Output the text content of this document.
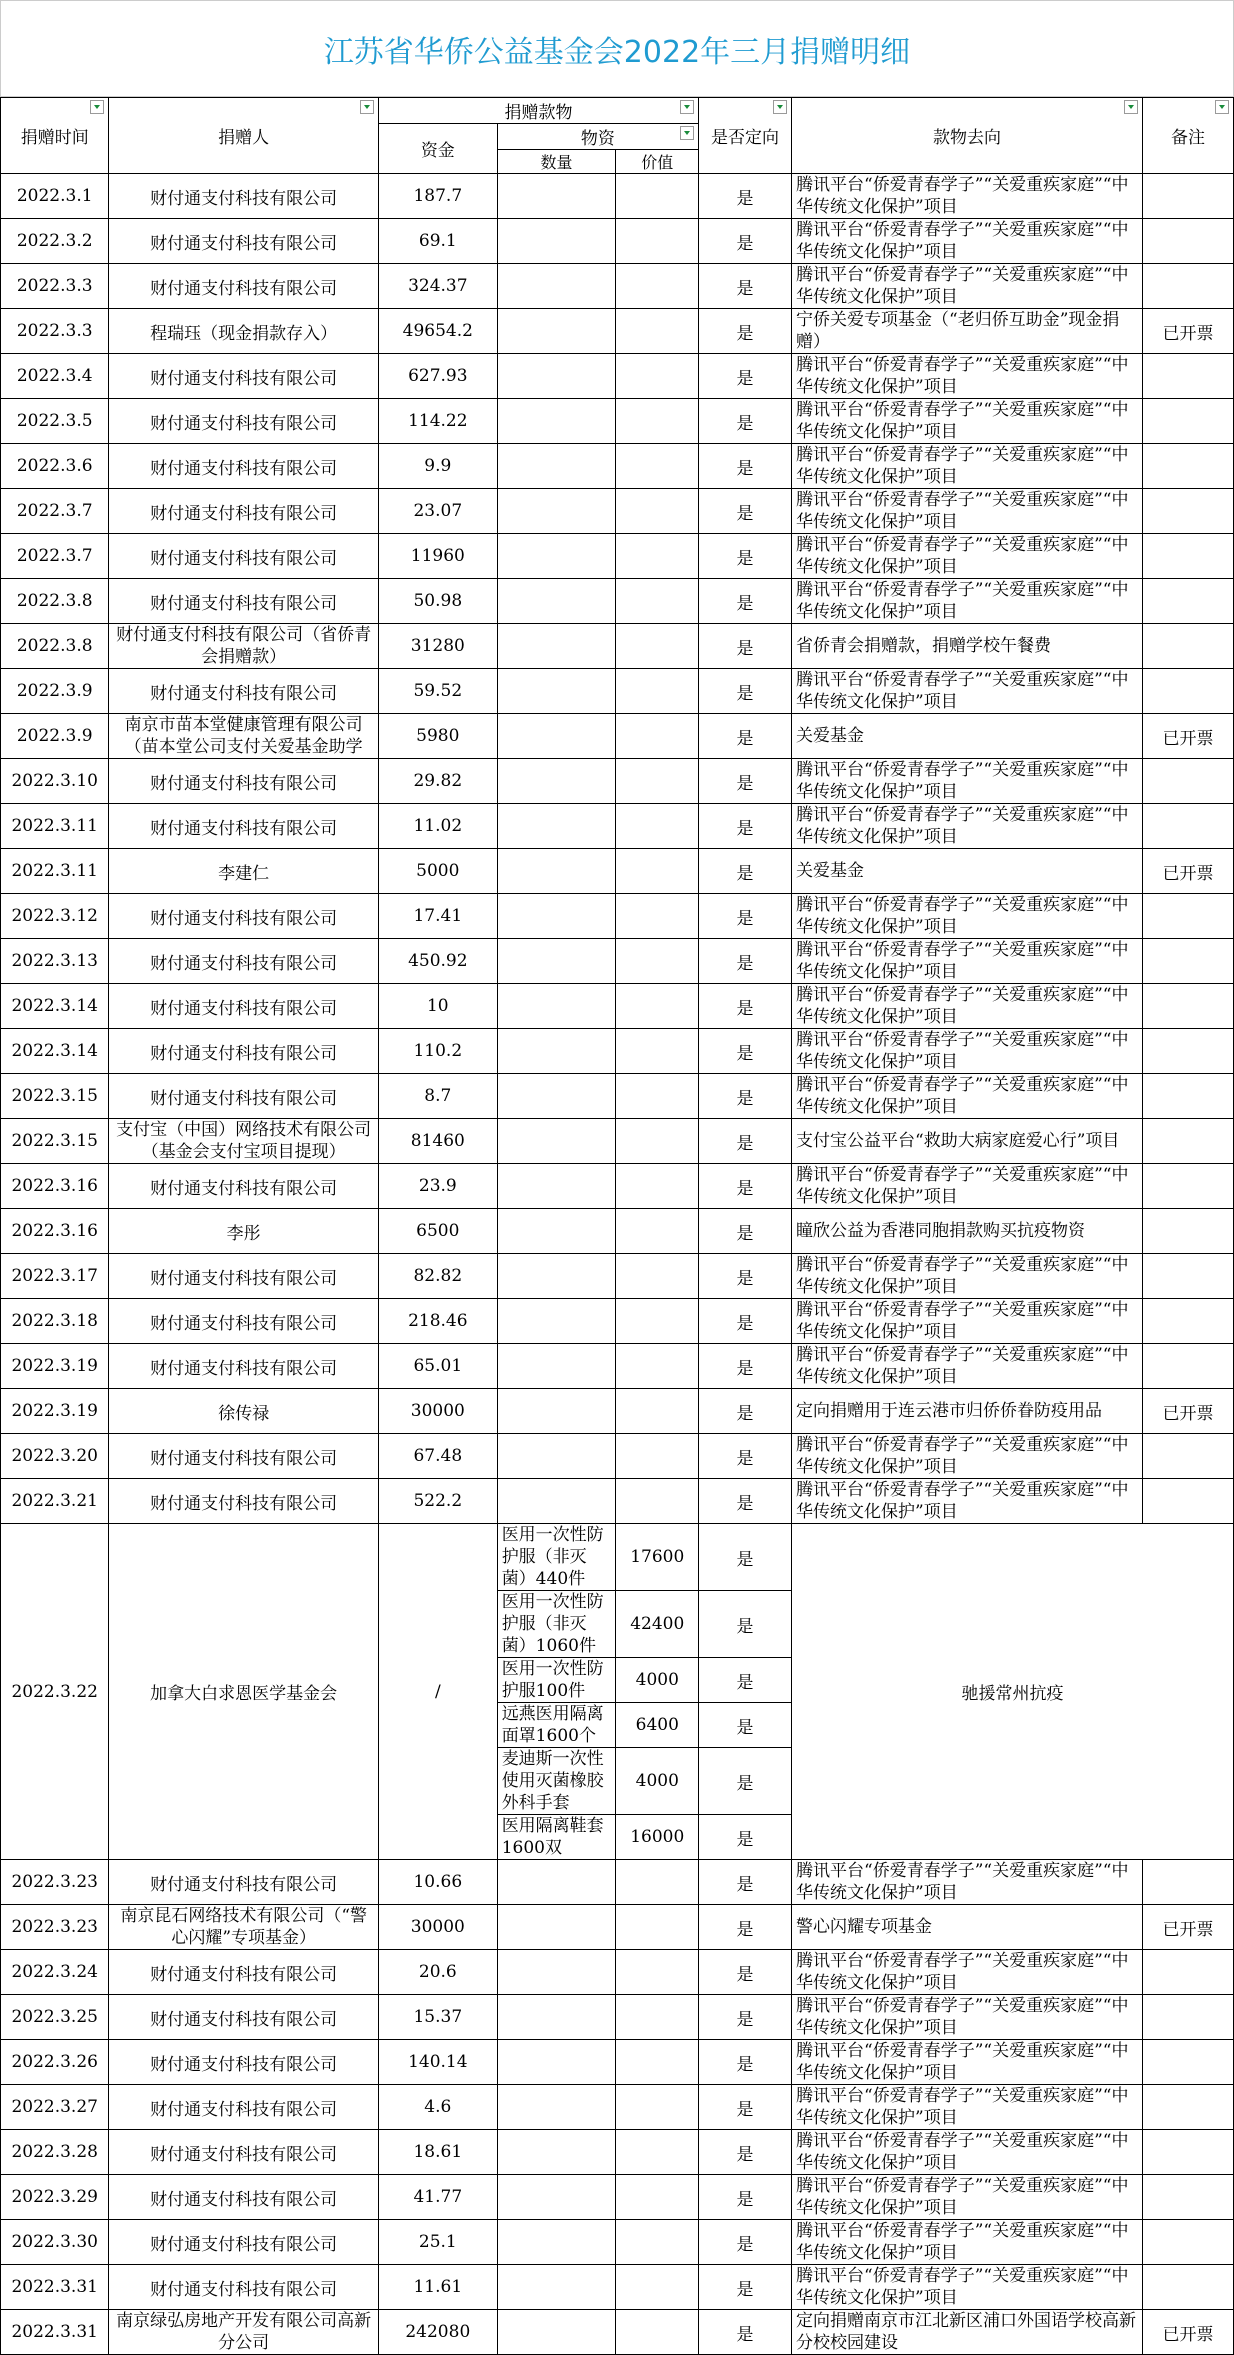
江苏省华侨公益基金会2022年三月捐赠明细
捐赠时间	捐赠人	捐赠款物			是否定向	款物去向	备注

		资金	物资				

			数量	价值			
2022.3.1	财付通支付科技有限公司	187.7			是	腾讯平台“侨爱青春学子”“关爱重疾家庭”“中华传统文化保护”项目	
2022.3.2	财付通支付科技有限公司	69.1			是	腾讯平台“侨爱青春学子”“关爱重疾家庭”“中华传统文化保护”项目	
2022.3.3	财付通支付科技有限公司	324.37			是	腾讯平台“侨爱青春学子”“关爱重疾家庭”“中华传统文化保护”项目	
2022.3.3	程瑞珏（现金捐款存入）	49654.2			是	宁侨关爱专项基金（“老归侨互助金”现金捐赠）	已开票
2022.3.4	财付通支付科技有限公司	627.93			是	腾讯平台“侨爱青春学子”“关爱重疾家庭”“中华传统文化保护”项目	
2022.3.5	财付通支付科技有限公司	114.22			是	腾讯平台“侨爱青春学子”“关爱重疾家庭”“中华传统文化保护”项目	
2022.3.6	财付通支付科技有限公司	9.9			是	腾讯平台“侨爱青春学子”“关爱重疾家庭”“中华传统文化保护”项目	
2022.3.7	财付通支付科技有限公司	23.07			是	腾讯平台“侨爱青春学子”“关爱重疾家庭”“中华传统文化保护”项目	
2022.3.7	财付通支付科技有限公司	11960			是	腾讯平台“侨爱青春学子”“关爱重疾家庭”“中华传统文化保护”项目	
2022.3.8	财付通支付科技有限公司	50.98			是	腾讯平台“侨爱青春学子”“关爱重疾家庭”“中华传统文化保护”项目	
2022.3.8	财付通支付科技有限公司（省侨青会捐赠款）	31280			是	省侨青会捐赠款，捐赠学校午餐费	
2022.3.9	财付通支付科技有限公司	59.52			是	腾讯平台“侨爱青春学子”“关爱重疾家庭”“中华传统文化保护”项目	
2022.3.9	南京市苗本堂健康管理有限公司（苗本堂公司支付关爱基金助学	5980			是	关爱基金	已开票
2022.3.10	财付通支付科技有限公司	29.82			是	腾讯平台“侨爱青春学子”“关爱重疾家庭”“中华传统文化保护”项目	
2022.3.11	财付通支付科技有限公司	11.02			是	腾讯平台“侨爱青春学子”“关爱重疾家庭”“中华传统文化保护”项目	
2022.3.11	李建仁	5000			是	关爱基金	已开票
2022.3.12	财付通支付科技有限公司	17.41			是	腾讯平台“侨爱青春学子”“关爱重疾家庭”“中华传统文化保护”项目	
2022.3.13	财付通支付科技有限公司	450.92			是	腾讯平台“侨爱青春学子”“关爱重疾家庭”“中华传统文化保护”项目	
2022.3.14	财付通支付科技有限公司	10			是	腾讯平台“侨爱青春学子”“关爱重疾家庭”“中华传统文化保护”项目	
2022.3.14	财付通支付科技有限公司	110.2			是	腾讯平台“侨爱青春学子”“关爱重疾家庭”“中华传统文化保护”项目	
2022.3.15	财付通支付科技有限公司	8.7			是	腾讯平台“侨爱青春学子”“关爱重疾家庭”“中华传统文化保护”项目	
2022.3.15	支付宝（中国）网络技术有限公司（基金会支付宝项目提现）	81460			是	支付宝公益平台“救助大病家庭爱心行”项目	
2022.3.16	财付通支付科技有限公司	23.9			是	腾讯平台“侨爱青春学子”“关爱重疾家庭”“中华传统文化保护”项目	
2022.3.16	李彤	6500			是	瞳欣公益为香港同胞捐款购买抗疫物资	
2022.3.17	财付通支付科技有限公司	82.82			是	腾讯平台“侨爱青春学子”“关爱重疾家庭”“中华传统文化保护”项目	
2022.3.18	财付通支付科技有限公司	218.46			是	腾讯平台“侨爱青春学子”“关爱重疾家庭”“中华传统文化保护”项目	
2022.3.19	财付通支付科技有限公司	65.01			是	腾讯平台“侨爱青春学子”“关爱重疾家庭”“中华传统文化保护”项目	
2022.3.19	徐传禄	30000			是	定向捐赠用于连云港市归侨侨眷防疫用品	已开票
2022.3.20	财付通支付科技有限公司	67.48			是	腾讯平台“侨爱青春学子”“关爱重疾家庭”“中华传统文化保护”项目	
2022.3.21	财付通支付科技有限公司	522.2			是	腾讯平台“侨爱青春学子”“关爱重疾家庭”“中华传统文化保护”项目	
2022.3.22	加拿大白求恩医学基金会	/	医用一次性防护服（非灭菌）440件	17600	是	驰援常州抗疫	
			医用一次性防护服（非灭菌）1060件	42400	是		
			医用一次性防护服100件	4000	是		
			远燕医用隔离面罩1600个	6400	是		
			麦迪斯一次性使用灭菌橡胶外科手套	4000	是		
			医用隔离鞋套1600双	16000	是		
2022.3.23	财付通支付科技有限公司	10.66			是	腾讯平台“侨爱青春学子”“关爱重疾家庭”“中华传统文化保护”项目	
2022.3.23	南京昆石网络技术有限公司（“警心闪耀”专项基金）	30000			是	警心闪耀专项基金	已开票
2022.3.24	财付通支付科技有限公司	20.6			是	腾讯平台“侨爱青春学子”“关爱重疾家庭”“中华传统文化保护”项目	
2022.3.25	财付通支付科技有限公司	15.37			是	腾讯平台“侨爱青春学子”“关爱重疾家庭”“中华传统文化保护”项目	
2022.3.26	财付通支付科技有限公司	140.14			是	腾讯平台“侨爱青春学子”“关爱重疾家庭”“中华传统文化保护”项目	
2022.3.27	财付通支付科技有限公司	4.6			是	腾讯平台“侨爱青春学子”“关爱重疾家庭”“中华传统文化保护”项目	
2022.3.28	财付通支付科技有限公司	18.61			是	腾讯平台“侨爱青春学子”“关爱重疾家庭”“中华传统文化保护”项目	
2022.3.29	财付通支付科技有限公司	41.77			是	腾讯平台“侨爱青春学子”“关爱重疾家庭”“中华传统文化保护”项目	
2022.3.30	财付通支付科技有限公司	25.1			是	腾讯平台“侨爱青春学子”“关爱重疾家庭”“中华传统文化保护”项目	
2022.3.31	财付通支付科技有限公司	11.61			是	腾讯平台“侨爱青春学子”“关爱重疾家庭”“中华传统文化保护”项目	
2022.3.31	南京绿弘房地产开发有限公司高新分公司	242080			是	定向捐赠南京市江北新区浦口外国语学校高新分校校园建设	已开票
